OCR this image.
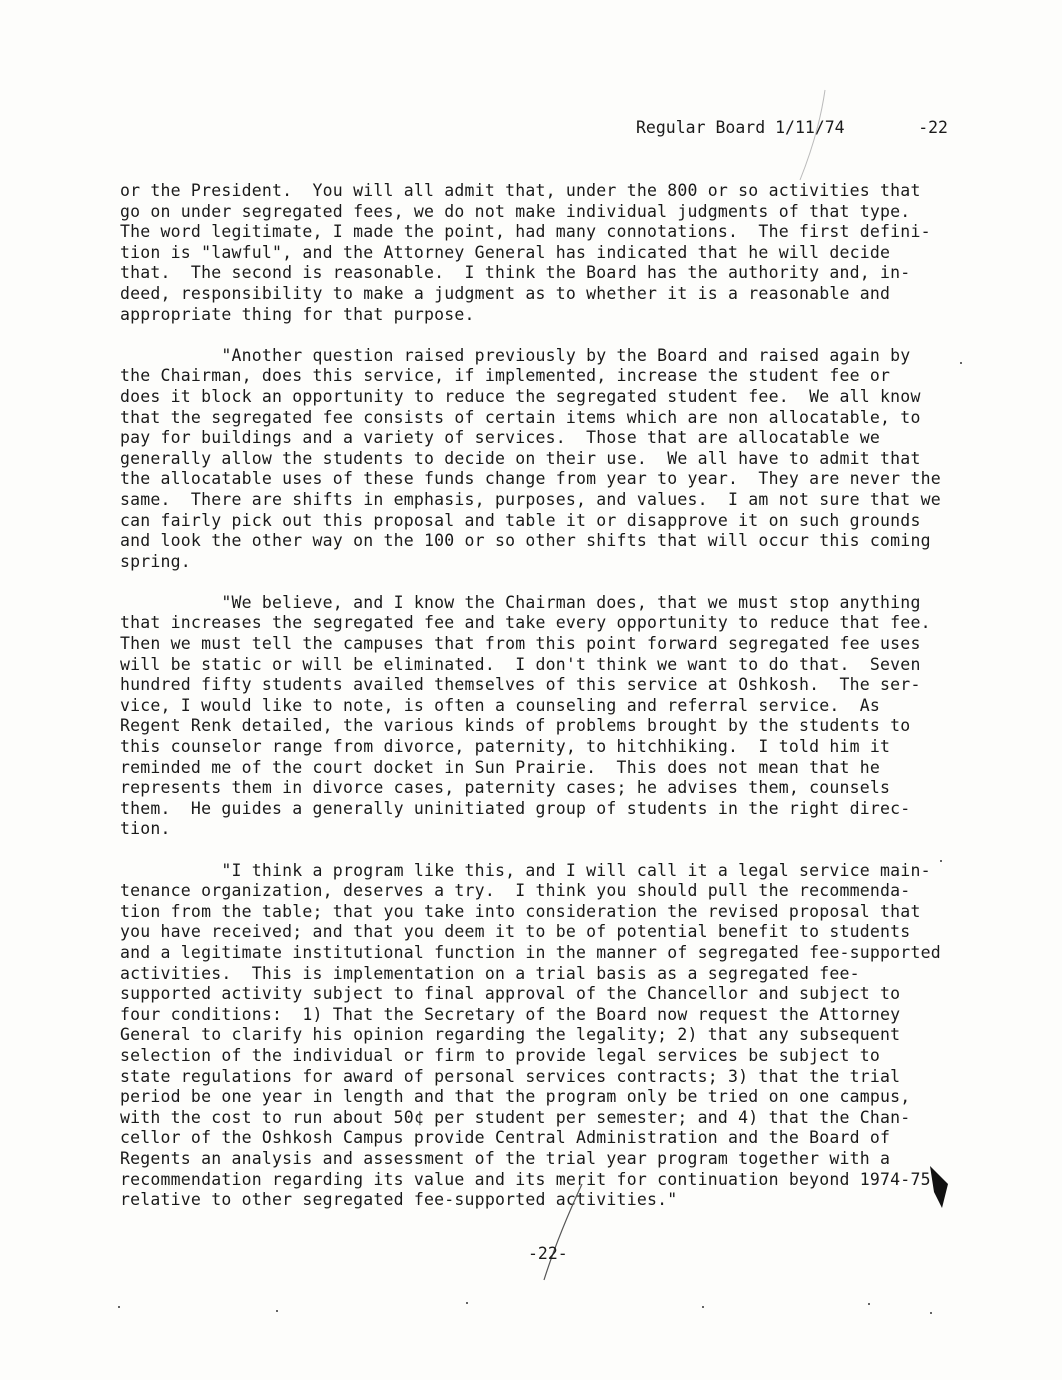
Regular Board 1/11/74	-22
or the President.  You will all admit that, under the 800 or so activities that
go on under segregated fees, we do not make individual judgments of that type.
The word legitimate, I made the point, had many connotations.  The first defini-
tion is "lawful", and the Attorney General has indicated that he will decide
that.  The second is reasonable.  I think the Board has the authority and, in-
deed, responsibility to make a judgment as to whether it is a reasonable and
appropriate thing for that purpose.
"Another question raised previously by the Board and raised again by
the Chairman, does this service, if implemented, increase the student fee or
does it block an opportunity to reduce the segregated student fee.  We all know
that the segregated fee consists of certain items which are non allocatable, to
pay for buildings and a variety of services.  Those that are allocatable we
generally allow the students to decide on their use.  We all have to admit that
the allocatable uses of these funds change from year to year.  They are never the
same.  There are shifts in emphasis, purposes, and values.  I am not sure that we
can fairly pick out this proposal and table it or disapprove it on such grounds
and look the other way on the 100 or so other shifts that will occur this coming
spring.
"We believe, and I know the Chairman does, that we must stop anything
that increases the segregated fee and take every opportunity to reduce that fee.
Then we must tell the campuses that from this point forward segregated fee uses
will be static or will be eliminated.  I don't think we want to do that.  Seven
hundred fifty students availed themselves of this service at Oshkosh.  The ser-
vice, I would like to note, is often a counseling and referral service.  As
Regent Renk detailed, the various kinds of problems brought by the students to
this counselor range from divorce, paternity, to hitchhiking.  I told him it
reminded me of the court docket in Sun Prairie.  This does not mean that he
represents them in divorce cases, paternity cases; he advises them, counsels
them.  He guides a generally uninitiated group of students in the right direc-
tion.
"I think a program like this, and I will call it a legal service main-
tenance organization, deserves a try.  I think you should pull the recommenda-
tion from the table; that you take into consideration the revised proposal that
you have received; and that you deem it to be of potential benefit to students
and a legitimate institutional function in the manner of segregated fee-supported
activities.  This is implementation on a trial basis as a segregated fee-
supported activity subject to final approval of the Chancellor and subject to
four conditions:  1) That the Secretary of the Board now request the Attorney
General to clarify his opinion regarding the legality; 2) that any subsequent
selection of the individual or firm to provide legal services be subject to
state regulations for award of personal services contracts; 3) that the trial
period be one year in length and that the program only be tried on one campus,
with the cost to run about 50¢ per student per semester; and 4) that the Chan-
cellor of the Oshkosh Campus provide Central Administration and the Board of
Regents an analysis and assessment of the trial year program together with a
recommendation regarding its value and its merit for continuation beyond 1974-75
relative to other segregated fee-supported activities."
-22-
